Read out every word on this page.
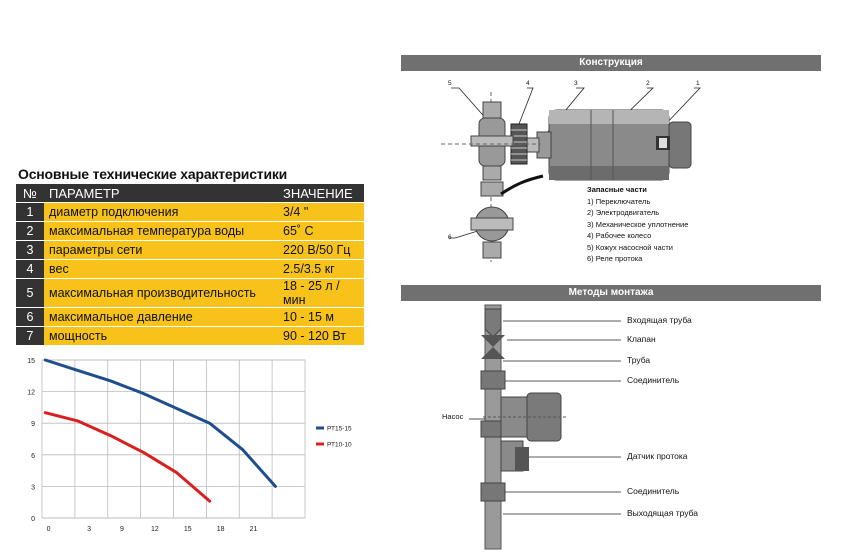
Основные технические характеристики
№	ПАРАМЕТР	ЗНАЧЕНИЕ
1	диаметр подключения	3/4 "
2	максимальная температура воды	65˚ C
3	параметры сети	220 В/50 Гц
4	вес	2.5/3.5 кг
5	максимальная производительность	18 - 25 л /мин
6	максимальное давление	10 - 15 м
7	мощность	90 - 120 Вт
0	3	9	12	15	18	21
0
3
6
9
12
15
РТ15-15
РТ10-10
Конструкция
5	4	3	2	1
6
Запасные части
1) Переключатель
2) Электродвигатель
3) Механическое уплотнение
4) Рабочее колесо
5) Кожух насосной части
6) Реле протока
Методы монтажа
Входящая труба
Клапан
Труба
Соединитель
Датчик протока
Соединитель
Выходящая труба
Насос
